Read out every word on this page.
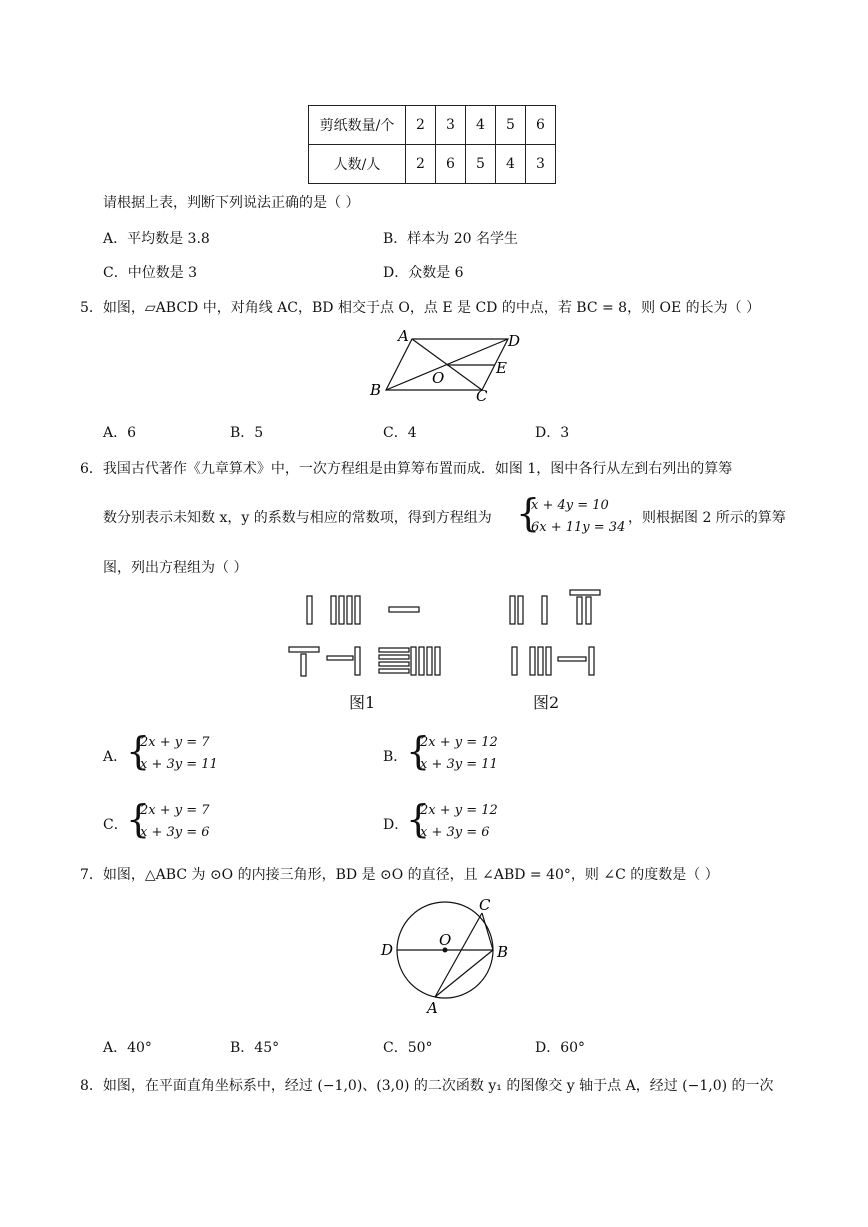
剪纸数量/个	2	3	4	5	6
人数/人	2	6	5	4	3
请根据上表，判断下列说法正确的是（ ）
A．平均数是 3.8	B．样本为 20 名学生
C．中位数是 3	D．众数是 6
5．如图，▱ABCD 中，对角线 AC，BD 相交于点 O，点 E 是 CD 的中点，若 BC = 8，则 OE 的长为（ ）
A	D
E
O
B	C
A．6	B．5	C．4	D．3
6．我国古代著作《九章算术》中，一次方程组是由算筹布置而成．如图 1，图中各行从左到右列出的算筹
数分别表示未知数 x，y 的系数与相应的常数项，得到方程组为 {
x + 4y = 10
6x + 11y = 34
，则根据图 2 所示的算筹
图，列出方程组为（ ）
图1	图2
A．
{
2x + y = 7
x + 3y = 11	B．
{
2x + y = 12
x + 3y = 11
C．
{
2x + y = 7
x + 3y = 6	D．
{
2x + y = 12
x + 3y = 6
7．如图，△ABC 为 ⊙O 的内接三角形，BD 是 ⊙O 的直径，且 ∠ABD = 40°，则 ∠C 的度数是（ ）
O
D	B
C
A
A．40°	B．45°	C．50°	D．60°
8．如图，在平面直角坐标系中，经过 (−1,0)、(3,0) 的二次函数 y₁ 的图像交 y 轴于点 A，经过 (−1,0) 的一次
